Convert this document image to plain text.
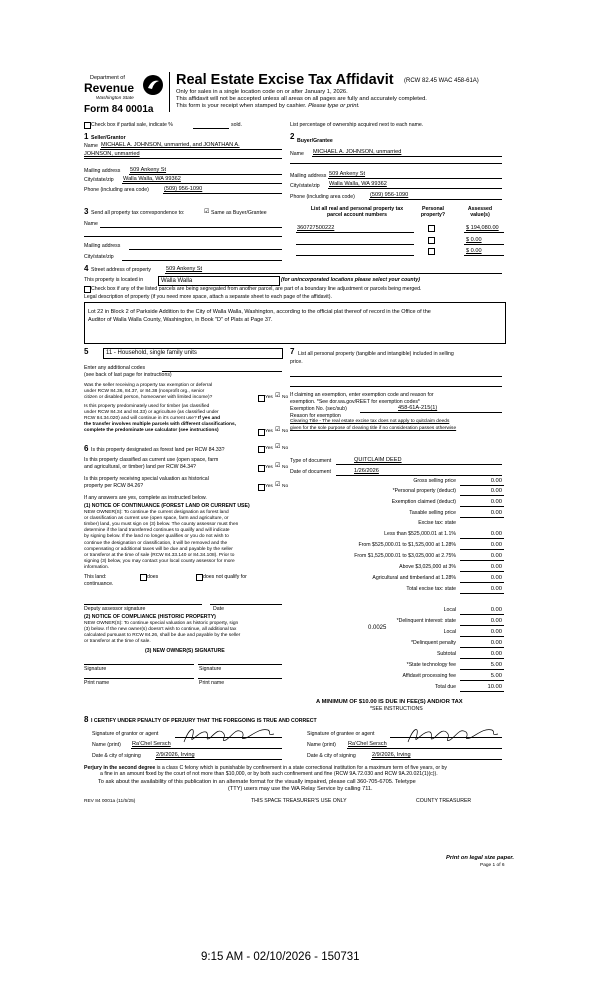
Department of
Revenue
Washington State
Form 84 0001a
Real Estate Excise Tax Affidavit (RCW 82.45 WAC 458-61A)
Only for sales in a single location code on or after January 1, 2026.
This affidavit will not be accepted unless all areas on all pages are fully and accurately completed.
This form is your receipt when stamped by cashier. Please type or print.
Check box if partial sale, indicate %	sold.	List percentage of ownership acquired next to each name.
1 Seller/Grantor
Name MICHAEL A. JOHNSON, unmarried, and JONATHAN A.
JOHNSON, unmarried
Mailing address 509 Ankeny St
City/state/zip Walla Walla, WA 99362
Phone (including area code)	(509) 956-1090
2 Buyer/Grantee
Name MICHAEL A. JOHNSON, unmarried
Mailing address 509 Ankeny St
City/state/zip Walla Walla, WA 99362
Phone (including area code)	(509) 956-1090
3 Send all property tax correspondence to:	☑ Same as Buyer/Grantee
Name
Mailing address
City/state/zip
List all real and personal property tax
parcel account numbers
Personal
property?
Assessed
value(s)
360727500222	$ 194,080.00
$ 0.00
$ 0.00
4 Street address of property	509 Ankeny St
This property is located in	Walla Walla	(for unincorporated locations please select your county)
Check box if any of the listed parcels are being segregated from another parcel, are part of a boundary line adjustment or parcels being merged.
Legal description of property (if you need more space, attach a separate sheet to each page of the affidavit).
Lot 22 in Block 2 of Parkside Addition to the City of Walla Walla, Washington, according to the official plat thereof of record in the Office of the
Auditor of Walla Walla County, Washington, in Book "D" of Plats at Page 37.
5	11 - Household, single family units
Enter any additional codes
(see back of last page for instructions)
Was the seller receiving a property tax exemption or deferral
under RCW 84.36, 84.37, or 84.38 (nonprofit org., senior
citizen or disabled person, homeowner with limited income)?	Yes ☑ No
Is this property predominately used for timber (as classified
under RCW 84.34 and 84.33) or agriculture (as classified under
RCW 84.34.020) and will continue in it's current use? If yes and
the transfer involves multiple parcels with different classifications,
complete the predominate use calculator (see instructions)	Yes ☑ No
6 Is this property designated as forest land per RCW 84.33?	Yes ☑ No
Is this property classified as current use (open space, farm
and agricultural, or timber) land per RCW 84.34?	Yes ☑ No
Is this property receiving special valuation as historical
property per RCW 84.26?	Yes ☑ No
If any answers are yes, complete as instructed below.
(1) NOTICE OF CONTINUANCE (FOREST LAND OR CURRENT USE)
NEW OWNER(S): To continue the current designation as forest land
or classification as current use (open space, farm and agriculture, or
timber) land, you must sign on (3) below. The county assessor must then
determine if the land transferred continues to qualify and will indicate
by signing below. If the land no longer qualifies or you do not wish to
continue the designation or classification, it will be removed and the
compensating or additional taxes will be due and payable by the seller
or transferor at the time of sale (RCW 84.33.140 or 84.34.108). Prior to
signing (3) below, you may contact your local county assessor for more
information.
This land:	does	does not qualify for
continuance.
Deputy assessor signature	Date
(2) NOTICE OF COMPLIANCE (HISTORIC PROPERTY)
NEW OWNER(S): To continue special valuation as historic property, sign
(3) below. If the new owner(s) doesn't wish to continue, all additional tax
calculated pursuant to RCW 84.26, shall be due and payable by the seller
or transferor at the time of sale.
(3) NEW OWNER(S) SIGNATURE
Signature	Signature
Print name	Print name
7 List all personal property (tangible and intangible) included in selling
price.
If claiming an exemption, enter exemption code and reason for
exemption. *See dor.wa.gov/REET for exemption codes*
Exemption No. (sec/sub)	458-61A-215(1)
Reason for exemption
Clearing Title - The real estate excise tax does not apply to quitclaim deeds
given for the sole purpose of clearing title if no consideration passes otherwise
Type of document	QUITCLAIM DEED
Date of document	1/26/2026
Gross selling price	0.00
*Personal property (deduct)	0.00
Exemption claimed (deduct)	0.00
Taxable selling price	0.00
Excise tax: state
Less than $525,000.01 at 1.1%	0.00
From $525,000.01 to $1,525,000 at 1.28%	0.00
From $1,525,000.01 to $3,025,000 at 2.75%	0.00
Above $3,025,000 at 3%	0.00
Agricultural and timberland at 1.28%	0.00
Total excise tax: state	0.00
Local	0.00
*Delinquent interest: state	0.00
Local	0.00
*Delinquent penalty	0.00
Subtotal	0.00
*State technology fee	5.00
Affidavit processing fee	5.00
Total due	10.00
0.0025
A MINIMUM OF $10.00 IS DUE IN FEE(S) AND/OR TAX
*SEE INSTRUCTIONS
8 I CERTIFY UNDER PENALTY OF PERJURY THAT THE FOREGOING IS TRUE AND CORRECT
Signature of grantor or agent
Name (print) Ra'Chel Sersch
Date & city of signing	2/9/2026, Irving
Signature of grantee or agent
Name (print) Ra'Chel Sersch
Date & city of signing	2/9/2026, Irving
Perjury in the second degree is a class C felony which is punishable by confinement in a state correctional institution for a maximum term of five years, or by
a fine in an amount fixed by the court of not more than $10,000, or by both such confinement and fine (RCW 9A.72.030 and RCW 9A.20.021(1)(c)).
To ask about the availability of this publication in an alternate format for the visually impaired, please call 360-705-6705. Teletype
(TTY) users may use the WA Relay Service by calling 711.
REV 84 0001a (11/5/25)	THIS SPACE TREASURER'S USE ONLY	COUNTY TREASURER
Print on legal size paper.
Page 1 of 6
9:15 AM - 02/10/2026 - 150731
